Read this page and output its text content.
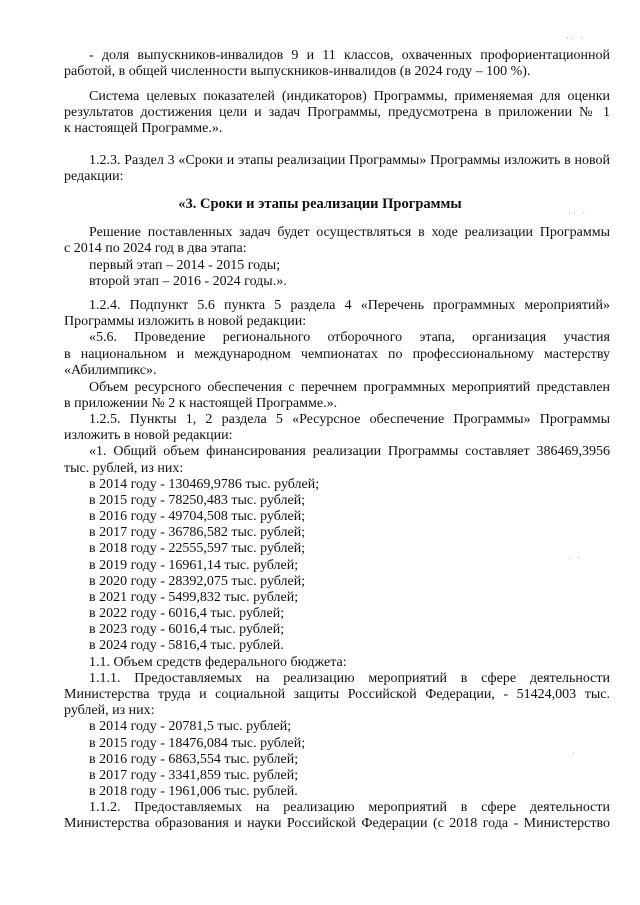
·· ·
·· ·
· ·
·
- доля выпускников-инвалидов 9 и 11 классов, охваченных профориентационной
работой, в общей численности выпускников-инвалидов (в 2024 году – 100 %).
Система целевых показателей (индикаторов) Программы, применяемая для оценки
результатов достижения цели и задач Программы, предусмотрена в приложении № 1
к настоящей Программе.».
1.2.3. Раздел 3 «Сроки и этапы реализации Программы» Программы изложить в новой
редакции:
«3. Сроки и этапы реализации Программы
Решение поставленных задач будет осуществляться в ходе реализации Программы
с 2014 по 2024 год в два этапа:
первый этап – 2014 - 2015 годы;
второй этап – 2016 - 2024 годы.».
1.2.4. Подпункт 5.6 пункта 5 раздела 4 «Перечень программных мероприятий»
Программы изложить в новой редакции:
«5.6. Проведение регионального отборочного этапа, организация участия
в национальном и международном чемпионатах по профессиональному мастерству
«Абилимпикс».
Объем ресурсного обеспечения с перечнем программных мероприятий представлен
в приложении № 2 к настоящей Программе.».
1.2.5. Пункты 1, 2 раздела 5 «Ресурсное обеспечение Программы» Программы
изложить в новой редакции:
«1. Общий объем финансирования реализации Программы составляет 386469,3956
тыс. рублей, из них:
в 2014 году - 130469,9786 тыс. рублей;
в 2015 году - 78250,483 тыс. рублей;
в 2016 году - 49704,508 тыс. рублей;
в 2017 году - 36786,582 тыс. рублей;
в 2018 году - 22555,597 тыс. рублей;
в 2019 году - 16961,14 тыс. рублей;
в 2020 году - 28392,075 тыс. рублей;
в 2021 году - 5499,832 тыс. рублей;
в 2022 году - 6016,4 тыс. рублей;
в 2023 году - 6016,4 тыс. рублей;
в 2024 году - 5816,4 тыс. рублей.
1.1. Объем средств федерального бюджета:
1.1.1. Предоставляемых на реализацию мероприятий в сфере деятельности
Министерства труда и социальной защиты Российской Федерации, - 51424,003 тыс.
рублей, из них:
в 2014 году - 20781,5 тыс. рублей;
в 2015 году - 18476,084 тыс. рублей;
в 2016 году - 6863,554 тыс. рублей;
в 2017 году - 3341,859 тыс. рублей;
в 2018 году - 1961,006 тыс. рублей.
1.1.2. Предоставляемых на реализацию мероприятий в сфере деятельности
Министерства образования и науки Российской Федерации (с 2018 года - Министерство
